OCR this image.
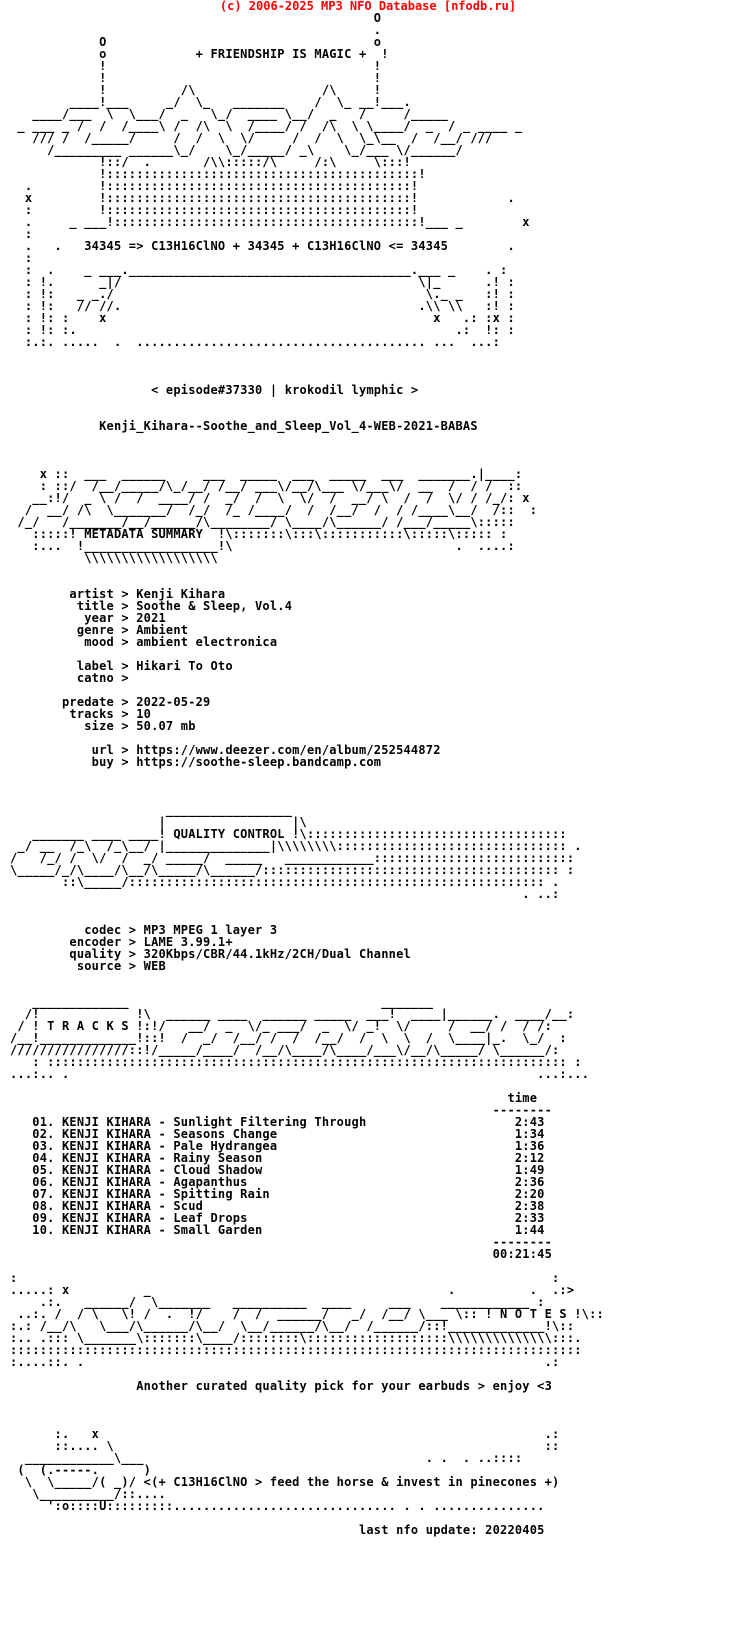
(c) 2006-2025 MP3 NFO Database [nfodb.ru]
O
.
O                                    o
o            + FRIENDSHIP IS MAGIC +  !
!                                    !
!                                    !
!          /\                 /\     !
____!___     _/  \_   _______    /  \_ __!___.
____/___  \  \___/  _   \_/  ____ \__/  _   /     /_____
_ ___ _ /  /  /____\ /  /\  \  /____/ /  /\  \ \____/  _  / _ ____ _
/// /  /_____/     /  /  \  \/     /  /  \  \_\__  /  /__/ ///
/_________ ______\_/    \_/_____/ _\    \_/___ \/______/
!::/  .       /\\:::::/\     /:\     \:::!
!::::::::::::::::::::::::::::::::::::::::::!
.         !:::::::::::::::::::::::::::::::::::::::::!
x         !:::::::::::::::::::::::::::::::::::::::::!            .
:         !:::::::::::::::::::::::::::::::::::::::::!
.     _ ___!:::::::::::::::::::::::::::::::::::::::::!___ _        x
:
.   .   34345 => C13H16ClNO + 34345 + C13H16ClNO <= 34345        .
:
:  .    _ ___.______________________________________.___ _    . :
: !.      _|/                                        \|_      .! :
: !:   _ _./                                          \._ _   :! :
: !:   // //.                                        .\\ \\   :! :
: !: :    x                                            x   .: :x :
: !: :.                                                   .:  !: :
:.:. .....  .  ....................................... ...  ...:
< episode#37330 | krokodil lymphic >
Kenji_Kihara--Soothe_and_Sleep_Vol_4-WEB-2021-BABAS
x ::  ___  ______     ___  _____  ___  _____  ___  _______.|____:
: ::/  /__/_____/\_/__/ /__/ ___\/__/\___ \/___\/  __  /  / /  ::
__:!/  _ \ /  /  ____/ /  _/  /  \  \/  /  __/ \  /  /  \/ / /_/: x
/  __/ /\  \_______/  /_/  /_ /____/  /  /__/  /  / /____\__/  /::  :
/_/   /_______/__/______/\________/ \____/\______/ /___/_____\:::::
:::::! METADATA SUMMARY  !\:::::::\:::\:::::::::::\:::::\::::: :
:...  !__________________!\                              .  ....:
\\\\\\\\\\\\\\\\\\
artist > Kenji Kihara
title > Soothe & Sleep, Vol.4
year > 2021
genre > Ambient
mood > ambient electronica
label > Hikari To Oto
catno >
predate > 2022-05-29
tracks > 10
size > 50.07 mb
url > https://www.deezer.com/en/album/252544872
buy > https://soothe-sleep.bandcamp.com
_________________
|                 |\
_______ ____ ____! QUALITY CONTROL !\:::::::::::::::::::::::::::::::::::
_/ __  /_\  /_\__/ |______________|\\\\\\\\::::::::::::::::::::::::::::::: .
/   /_/ /  \/  /  _/ _____/  _____   ____________:::::::::::::::::::::::::::
\_____/_/\____/\__/\_____/\______/:::::::::::::::::::::::::::::::::::::::: :
::\_____/:::::::::::::::::::::::::::::::::::::::::::::::::::::::: .
. ..:
codec > MP3 MPEG 1 layer 3
encoder > LAME 3.99.1+
quality > 320Kbps/CBR/44.1kHz/2CH/Dual Channel
source > WEB
_____________                                  _______
/!             !\  ______ ____  ______ _____  ___!  ____|______.  ____/__:
/ ! T R A C K S !:!/   __/  _  \/_ ___/  _  \/ _!  \/     /  __/ /  / /:
/__!_____________!::!  /  _/  /__/ /  /  /__/  /  \  \  /  \____|_.  \_/  :
////////////////::!/_____/____/  /__/\____/\____/___\/__/\_____/ \______/:
: :::::::::::::::::::::::::::::::::::::::::::::::::::::::::::::::::::::: :
...:.. .                                                               ...:...
time
--------
01. KENJI KIHARA - Sunlight Filtering Through                    2:43
02. KENJI KIHARA - Seasons Change                                1:34
03. KENJI KIHARA - Pale Hydrangea                                1:36
04. KENJI KIHARA - Rainy Season                                  2:12
05. KENJI KIHARA - Cloud Shadow                                  1:49
06. KENJI KIHARA - Agapanthus                                    2:36
07. KENJI KIHARA - Spitting Rain                                 2:20
08. KENJI KIHARA - Scud                                          2:38
09. KENJI KIHARA - Leaf Drops                                    2:33
10. KENJI KIHARA - Small Garden                                  1:44
--------
00:21:45
:                                                                        :
.....: x          _                                        .          .  .:>
.:.   ______/  \_______   __________  ____     ___    ____________ :
..:. /  / \   \! /  .  !/    /  /  ______/   _/  /__/ \___ \:: ! N O T E S !\::
:.: /__/\   \___/\______/\__/  \__/______/\__/  /______/::!_____________!\::
:.. .::: \_______\:::::::\____/::::::::\:::::::::::::::::::\\\\\\\\\\\\\\:::.
:::::::::::::::::::::::::::::::::::::::::::::::::::::::::::::::::::::::::::::
:....::. .                                                              .:
Another curated quality pick for your earbuds > enjoy <3
:.   x                                                            .:
::.... \                                                          ::
____________\___                                      . .  . ..::::
(  (.-----.      )
\  \_____/( _)/ <(+ C13H16ClNO > feed the horse & invest in pinecones +)
\__________/::....
':o::::U:::::::::.............................. . . ...............
last nfo update: 20220405
